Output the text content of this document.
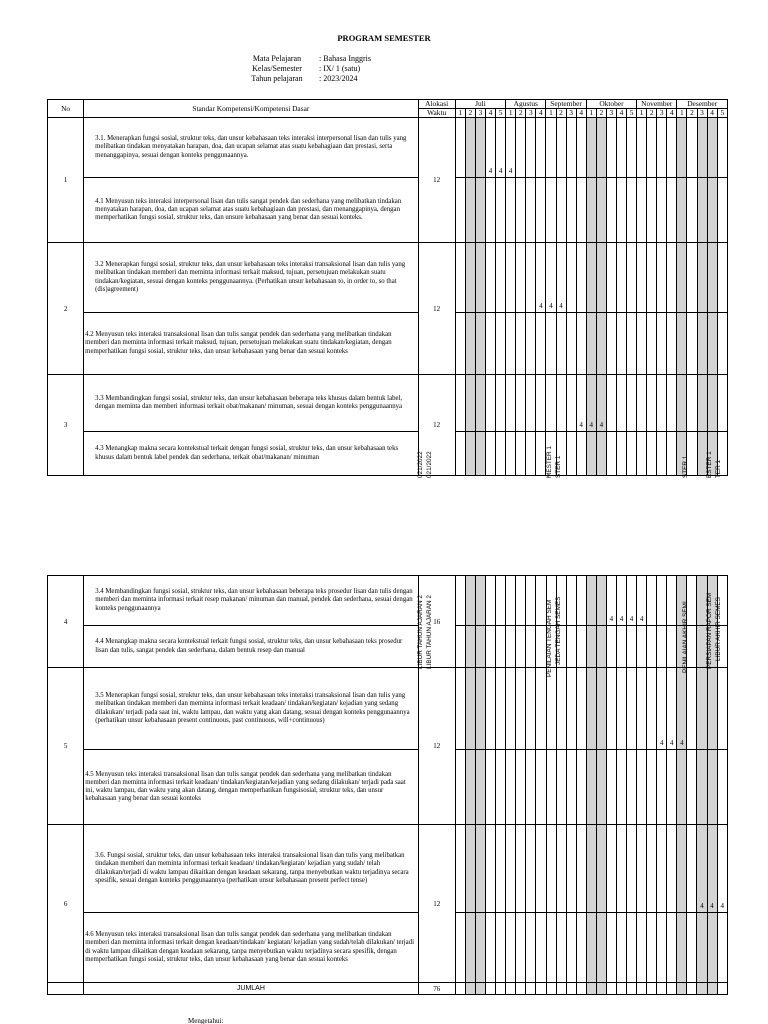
PROGRAM SEMESTER
Mata Pelajaran	: Bahasa Inggris
Kelas/Semester	: IX/ 1 (satu)
Tahun pelajaran	: 2023/2024
No	Standar Kompetensi/Kompetensi Dasar	Alokasi	Juli					Agustus				September				Oktober					November				Desember				
		Waktu	1	2	3	4	5	1	2	3	4	1	2	3	4	1	2	3	4	5	1	2	3	4	1	2	3	4	5
1	3.1. Menerapkan fungsi sosial, struktur teks, dan unsur kebahasaan teks interaksi interpersonal lisan dan tulis yang melibatkan tindakan menyatakan harapan, doa, dan ucapan selamat atas suatu kebahagiaan dan prestasi, serta menanggapinya, sesuai dengan konteks penggunaannya.	12				4	4	4																					
	4.1 Menyusun teks interaksi interpersonal lisan dan tulis sangat pendek dan sederhana yang melibatkan tindakan menyatakan harapan, doa, dan ucapan selamat atas suatu kebahagiaan dan prestasi, dan menanggapinya, dengan memperhatikan fungsi sosial, struktur teks, dan unsure kebahasaan yang benar dan sesuai konteks.																												
2	3.2 Menerapkan fungsi sosial, struktur teks, dan unsur kebahasaan teks interaksi transaksional lisan dan tulis yang melibatkan tindakan memberi dan meminta informasi terkait maksud, tujuan, persetujuan melakukan suatu tindakan/kegiatan, sesuai dengan konteks penggunaannya. (Perhatikan unsur kebahasaan to, in order to, so that (dis)agreement)	12									4	4	4																
	4.2 Menyusun teks interaksi transaksional lisan dan tulis sangat pendek dan sederhana yang melibatkan tindakan memberi dan meminta informasi terkait maksud, tujuan, persetujuan melakukan suatu tindakan/kegiatan, dengan memperhatikan fungsi sosial, struktur teks, dan unsur kebahasaan yang benar dan sesuai konteks																												
3	3.3 Membandingkan fungsi sosial, struktur teks, dan unsur kebahasaan beberapa teks khusus dalam bentuk label, dengan meminta dan memberi informasi terkait obat/makanan/ minuman, sesuai dengan konteks penggunaannya	12													4	4	4												
	4.3 Menangkap makna secara kontekstual terkait dengan fungsi sosial, struktur teks, dan unsur kebahasaan teks khusus dalam bentuk label pendek dan sederhana, terkait obat/makanan/ minuman																												
4	3.4 Membandingkan fungsi sosial, struktur teks, dan unsur kebahasaan beberapa teks prosedur lisan dan tulis dengan memberi dan meminta informasi terkait resep makanan/ minuman dan manual, pendek dan sederhana, sesuai dengan konteks penggunaannya	16																4	4	4	4								
	4.4 Menangkap makna secara kontekstual terkait fungsi sosial, struktur teks, dan unsur kebahasaan teks prosedur lisan dan tulis, sangat pendek dan sederhana, dalam bentuk resep dan manual																												
5	3.5 Menerapkan fungsi sosial, struktur teks, dan unsur kebahasaan teks interaksi transaksional lisan dan tulis yang melibatkan tindakan memberi dan meminta informasi terkait keadaan/ tindakan/kegiatan/ kejadian yang sedang dilakukan/ terjadi pada saat ini, waktu lampau, dan waktu yang akan datang, sesuai dengan konteks penggunaannya (perhatikan unsur kebahasaan present continuous, past continuous, will+continuous)	12																					4	4	4				
	4.5 Menyusun teks interaksi transaksional lisan dan tulis sangat pendek dan sederhana yang melibatkan tindakan memberi dan meminta informasi terkait keadaan/ tindakan/kegiatan/kejadian yang sedang dilakukan/ terjadi pada saat ini, waktu lampau, dan waktu yang akan datang, dengan memperhatikan fungsisosial, struktur teks, dan unsur kebahasaan yang benar dan sesuai konteks																												
6	3.6. Fungsi sosial, struktur teks, dan unsur kebahasaan teks interaksi transaksional lisan dan tulis yang melibatkan tindakan memberi dan meminta informasi terkait keadaan/ tindakan/kegiatan/ kejadian yang sudah/ telah dilakukan/terjadi di waktu lampau dikaitkan dengan keadaan sekarang, tanpa menyebutkan waktu terjadinya secara spesifik, sesuai dengan konteks penggunaannya (perhatikan unsur kebahasaan present perfect tense)	12																									4	4	4
	4.6 Menyusun teks interaksi transaksional lisan dan tulis sangat pendek dan sederhana yang melibatkan tindakan memberi dan meminta informasi terkait dengan keadaan/tindakan/ kegiatan/ kejadian yang sudah/telah dilakukan/ terjadi di waktu lampau dikaitkan dengan keadaan sekarang, tanpa menyebutkan waktu terjadinya secara spesifik, dengan memperhatikan fungsi sosial, struktur teks, dan unsur kebahasaan yang benar dan sesuai konteks																												
	JUMLAH	76																											
021/2022 021/2022	MESTER 1 STER 1	STER 1	ESTER 1 TER 1
LIBUR TAHUN AJARAN 2 LIBUR TAHUN AJARAN 2	PENILAIAN TENGAH SEM JEDA TENGAH SEMES	PENILAIAN AKHIR SEMI	PERSIAPAN RAPOR SEM LIBUR AKHIR SEMES
Mengetahui:
